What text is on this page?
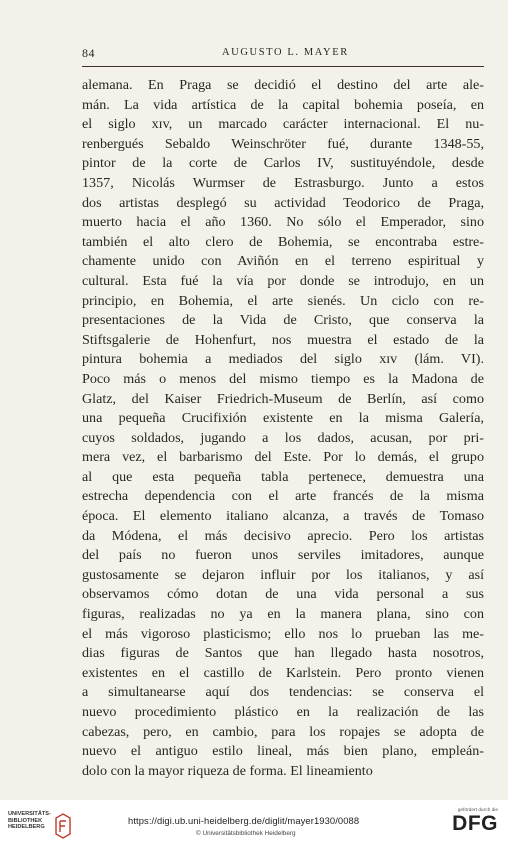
84	AUGUSTO L. MAYER
alemana. En Praga se decidió el destino del arte ale-
mán. La vida artística de la capital bohemia poseía, en
el siglo xɪv, un marcado carácter internacional. El nu-
renbergués Sebaldo Weinschröter fué, durante 1348-55,
pintor de la corte de Carlos IV, sustituyéndole, desde
1357, Nicolás Wurmser de Estrasburgo. Junto a estos
dos artistas desplegó su actividad Teodorico de Praga,
muerto hacia el año 1360. No sólo el Emperador, sino
también el alto clero de Bohemia, se encontraba estre-
chamente unido con Aviñón en el terreno espiritual y
cultural. Esta fué la vía por donde se introdujo, en un
principio, en Bohemia, el arte sienés. Un ciclo con re-
presentaciones de la Vida de Cristo, que conserva la
Stiftsgalerie de Hohenfurt, nos muestra el estado de la
pintura bohemia a mediados del siglo xɪv (lám. VI).
Poco más o menos del mismo tiempo es la Madona de
Glatz, del Kaiser Friedrich-Museum de Berlín, así como
una pequeña Crucifixión existente en la misma Galería,
cuyos soldados, jugando a los dados, acusan, por pri-
mera vez, el barbarismo del Este. Por lo demás, el grupo
al que esta pequeña tabla pertenece, demuestra una
estrecha dependencia con el arte francés de la misma
época. El elemento italiano alcanza, a través de Tomaso
da Módena, el más decisivo aprecio. Pero los artistas
del país no fueron unos serviles imitadores, aunque
gustosamente se dejaron influir por los italianos, y así
observamos cómo dotan de una vida personal a sus
figuras, realizadas no ya en la manera plana, sino con
el más vigoroso plasticismo; ello nos lo prueban las me-
dias figuras de Santos que han llegado hasta nosotros,
existentes en el castillo de Karlstein. Pero pronto vienen
a simultanearse aquí dos tendencias: se conserva el
nuevo procedimiento plástico en la realización de las
cabezas, pero, en cambio, para los ropajes se adopta de
nuevo el antiguo estilo lineal, más bien plano, empleán-
dolo con la mayor riqueza de forma. El lineamiento
UNIVERSITÄTS-
BIBLIOTHEK
HEIDELBERG
https://digi.ub.uni-heidelberg.de/diglit/mayer1930/0088
© Universitätsbibliothek Heidelberg
gefördert durch die
DFG
